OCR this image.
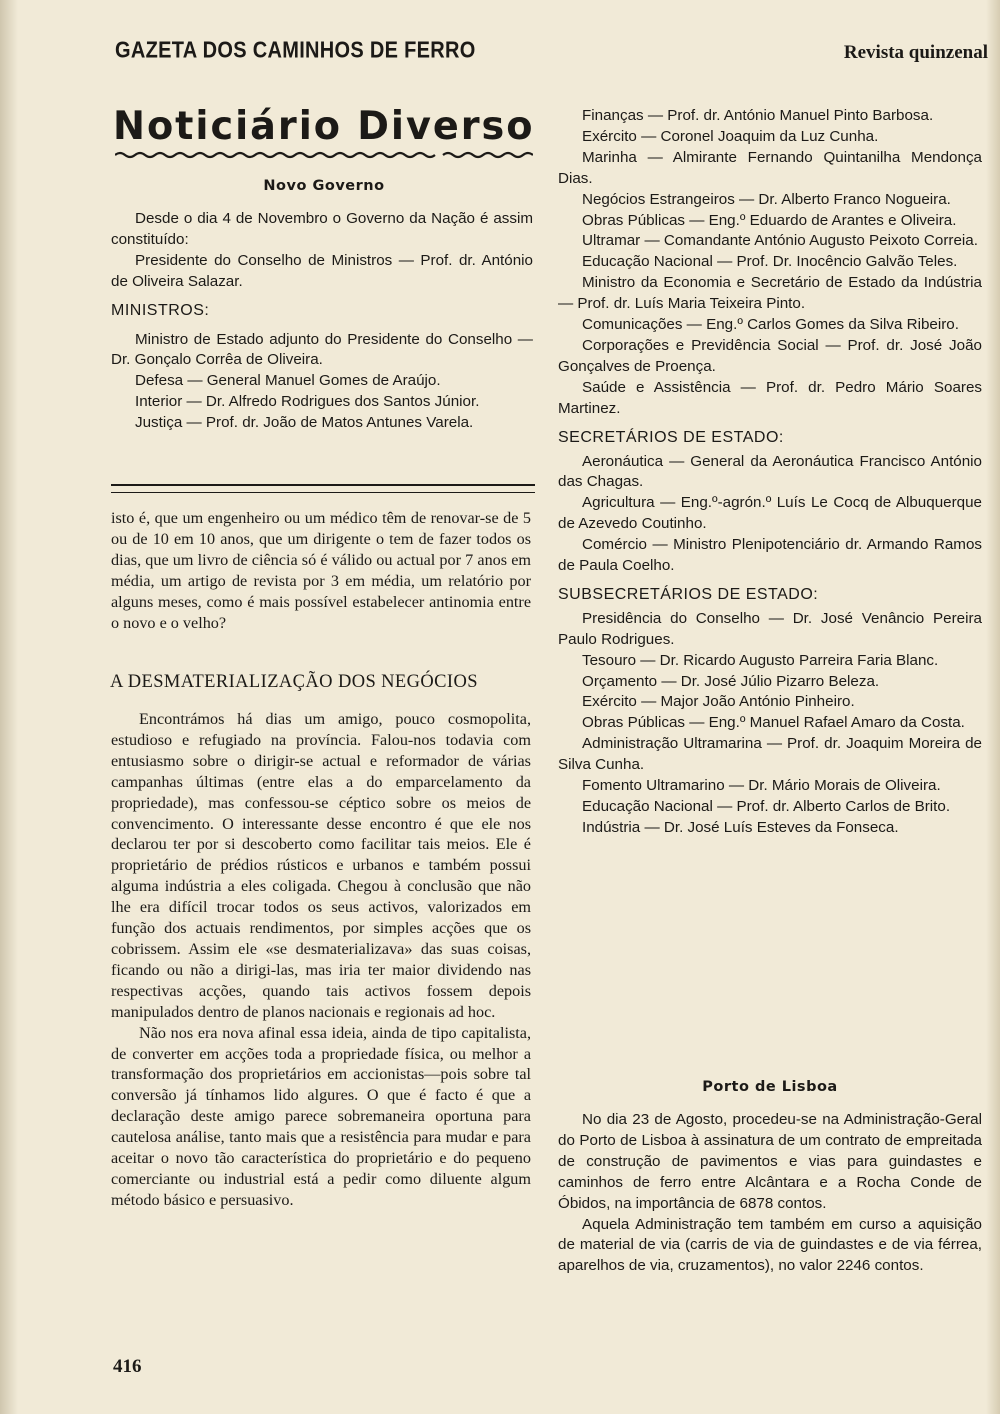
GAZETA DOS CAMINHOS DE FERRO	Revista quinzenal
Noticiário Diverso
Novo Governo

Desde o dia 4 de Novembro o Governo da Nação é assim constituído:

Presidente do Conselho de Ministros — Prof. dr. António de Oliveira Salazar.

MINISTROS:

Ministro de Estado adjunto do Presidente do Conselho — Dr. Gonçalo Corrêa de Oliveira.

Defesa — General Manuel Gomes de Araújo.

Interior — Dr. Alfredo Rodrigues dos Santos Júnior.

Justiça — Prof. dr. João de Matos Antunes Varela.

isto é, que um engenheiro ou um médico têm de renovar-se de 5 ou de 10 em 10 anos, que um dirigente o tem de fazer todos os dias, que um livro de ciência só é válido ou actual por 7 anos em média, um artigo de revista por 3 em média, um relatório por alguns meses, como é mais possível estabelecer antinomia entre o novo e o velho?

A DESMATERIALIZAÇÃO DOS NEGÓCIOS

Encontrámos há dias um amigo, pouco cosmopolita, estudioso e refugiado na província. Falou-nos todavia com entusiasmo sobre o dirigir-se actual e reformador de várias campanhas últimas (entre elas a do emparcelamento da propriedade), mas confessou-se céptico sobre os meios de convencimento. O interessante desse encontro é que ele nos declarou ter por si descoberto como facilitar tais meios. Ele é proprietário de prédios rústicos e urbanos e também possui alguma indústria a eles coligada. Chegou à conclusão que não lhe era difícil trocar todos os seus activos, valorizados em função dos actuais rendimentos, por simples acções que os cobrissem. Assim ele «se desmaterializava» das suas coisas, ficando ou não a dirigi-las, mas iria ter maior dividendo nas respectivas acções, quando tais activos fossem depois manipulados dentro de planos nacionais e regionais ad hoc.

Não nos era nova afinal essa ideia, ainda de tipo capitalista, de converter em acções toda a propriedade física, ou melhor a transformação dos proprietários em accionistas—pois sobre tal conversão já tínhamos lido algures. O que é facto é que a declaração deste amigo parece sobremaneira oportuna para cautelosa análise, tanto mais que a resistência para mudar e para aceitar o novo tão característica do proprietário e do pequeno comerciante ou industrial está a pedir como diluente algum método básico e persuasivo.

416

Finanças — Prof. dr. António Manuel Pinto Barbosa.

Exército — Coronel Joaquim da Luz Cunha.

Marinha — Almirante Fernando Quintanilha Mendonça Dias.

Negócios Estrangeiros — Dr. Alberto Franco Nogueira.

Obras Públicas — Eng.º Eduardo de Arantes e Oliveira.

Ultramar — Comandante António Augusto Peixoto Correia.

Educação Nacional — Prof. Dr. Inocêncio Galvão Teles.

Ministro da Economia e Secretário de Estado da Indústria — Prof. dr. Luís Maria Teixeira Pinto.

Comunicações — Eng.º Carlos Gomes da Silva Ribeiro.

Corporações e Previdência Social — Prof. dr. José João Gonçalves de Proença.

Saúde e Assistência — Prof. dr. Pedro Mário Soares Martinez.

SECRETÁRIOS DE ESTADO:

Aeronáutica — General da Aeronáutica Francisco António das Chagas.

Agricultura — Eng.º-agrón.º Luís Le Cocq de Albuquerque de Azevedo Coutinho.

Comércio — Ministro Plenipotenciário dr. Armando Ramos de Paula Coelho.

SUBSECRETÁRIOS DE ESTADO:

Presidência do Conselho — Dr. José Venâncio Pereira Paulo Rodrigues.

Tesouro — Dr. Ricardo Augusto Parreira Faria Blanc.

Orçamento — Dr. José Júlio Pizarro Beleza.

Exército — Major João António Pinheiro.

Obras Públicas — Eng.º Manuel Rafael Amaro da Costa.

Administração Ultramarina — Prof. dr. Joaquim Moreira de Silva Cunha.

Fomento Ultramarino — Dr. Mário Morais de Oliveira.

Educação Nacional — Prof. dr. Alberto Carlos de Brito.

Indústria — Dr. José Luís Esteves da Fonseca.

Porto de Lisboa

No dia 23 de Agosto, procedeu-se na Administração-Geral do Porto de Lisboa à assinatura de um contrato de empreitada de construção de pavimentos e vias para guindastes e caminhos de ferro entre Alcântara e a Rocha Conde de Óbidos, na importância de 6878 contos.

Aquela Administração tem também em curso a aquisição de material de via (carris de via de guindastes e de via férrea, aparelhos de via, cruzamentos), no valor 2246 contos.
